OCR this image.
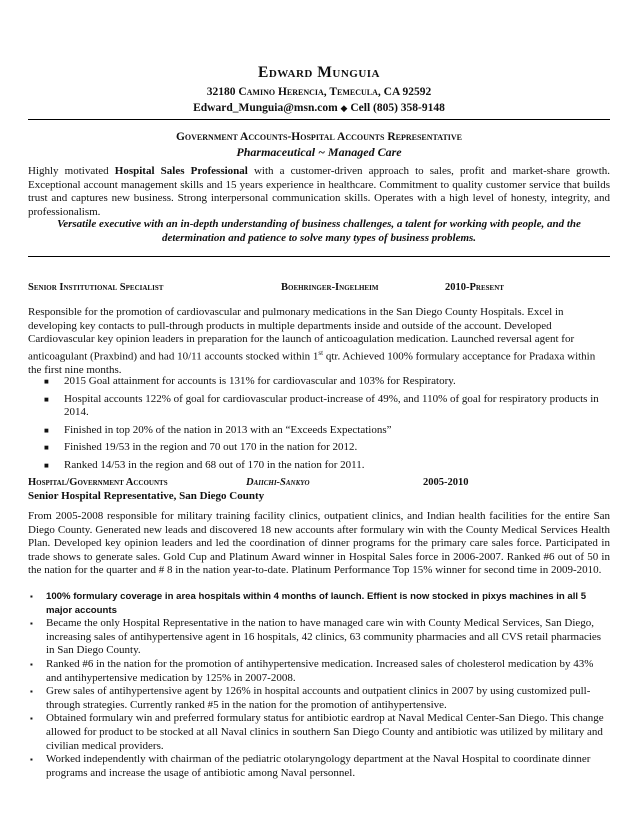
Edward Munguia
32180 Camino Herencia, Temecula, CA 92592
Edward_Munguia@msn.com ◆ Cell (805) 358-9148
Government Accounts-Hospital Accounts Representative
Pharmaceutical ~ Managed Care
Highly motivated Hospital Sales Professional with a customer-driven approach to sales, profit and market-share growth. Exceptional account management skills and 15 years experience in healthcare. Commitment to quality customer service that builds trust and captures new business. Strong interpersonal communication skills. Operates with a high level of honesty, integrity, and professionalism.
Versatile executive with an in-depth understanding of business challenges, a talent for working with people, and the determination and patience to solve many types of business problems.
Senior Institutional Specialist	Boehringer-Ingelheim	2010-Present
Responsible for the promotion of cardiovascular and pulmonary medications in the San Diego County Hospitals. Excel in developing key contacts to pull-through products in multiple departments inside and outside of the account. Developed Cardiovascular key opinion leaders in preparation for the launch of anticoagulation medication. Launched reversal agent for anticoagulant (Praxbind) and had 10/11 accounts stocked within 1st qtr. Achieved 100% formulary acceptance for Pradaxa within the first nine months.
■ 2015 Goal attainment for accounts is 131% for cardiovascular and 103% for Respiratory.
■ Hospital accounts 122% of goal for cardiovascular product-increase of 49%, and 110% of goal for respiratory products in 2014.
■ Finished in top 20% of the nation in 2013 with an “Exceeds Expectations”
■ Finished 19/53 in the region and 70 out 170 in the nation for 2012.
■ Ranked 14/53 in the region and 68 out of 170 in the nation for 2011.
Hospital/Government Accounts	Daiichi-Sankyo	2005-2010
Senior Hospital Representative, San Diego County
From 2005-2008 responsible for military training facility clinics, outpatient clinics, and Indian health facilities for the entire San Diego County. Generated new leads and discovered 18 new accounts after formulary win with the County Medical Services Health Plan. Developed key opinion leaders and led the coordination of dinner programs for the primary care sales force. Participated in trade shows to generate sales. Gold Cup and Platinum Award winner in Hospital Sales force in 2006-2007. Ranked #6 out of 50 in the nation for the quarter and # 8 in the nation year-to-date. Platinum Performance Top 15% winner for second time in 2009-2010.
▪ 100% formulary coverage in area hospitals within 4 months of launch. Effient is now stocked in pixys machines in all 5 major accounts
▪ Became the only Hospital Representative in the nation to have managed care win with County Medical Services, San Diego, increasing sales of antihypertensive agent in 16 hospitals, 42 clinics, 63 community pharmacies and all CVS retail pharmacies in San Diego County.
▪ Ranked #6 in the nation for the promotion of antihypertensive medication. Increased sales of cholesterol medication by 43% and antihypertensive medication by 125% in 2007-2008.
▪ Grew sales of antihypertensive agent by 126% in hospital accounts and outpatient clinics in 2007 by using customized pull-through strategies. Currently ranked #5 in the nation for the promotion of antihypertensive.
▪ Obtained formulary win and preferred formulary status for antibiotic eardrop at Naval Medical Center-San Diego. This change allowed for product to be stocked at all Naval clinics in southern San Diego County and antibiotic was utilized by military and civilian medical providers.
▪ Worked independently with chairman of the pediatric otolaryngology department at the Naval Hospital to coordinate dinner programs and increase the usage of antibiotic among Naval personnel.
